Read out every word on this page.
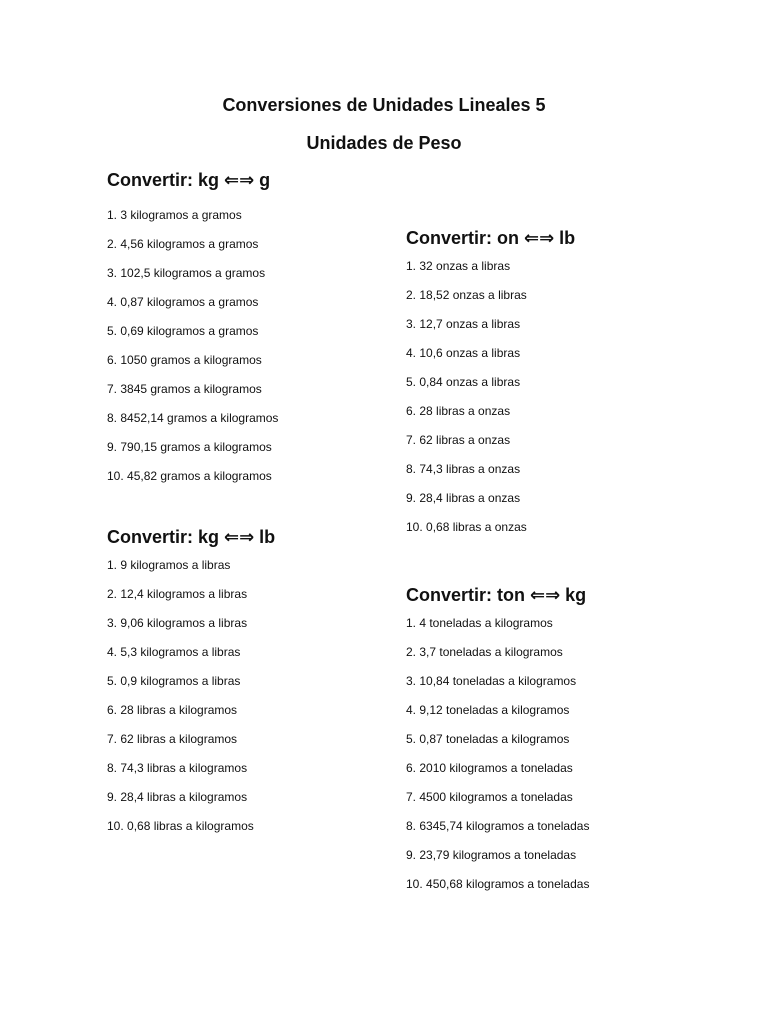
Conversiones de Unidades Lineales 5
Unidades de Peso
Convertir: kg ⇐⇒ g
1. 3 kilogramos a gramos
2. 4,56 kilogramos a gramos
3. 102,5 kilogramos a gramos
4. 0,87 kilogramos a gramos
5. 0,69 kilogramos a gramos
6. 1050 gramos a kilogramos
7. 3845 gramos a kilogramos
8. 8452,14 gramos a kilogramos
9. 790,15 gramos a kilogramos
10. 45,82 gramos a kilogramos
Convertir: kg ⇐⇒ lb
1. 9 kilogramos a libras
2. 12,4 kilogramos a libras
3. 9,06 kilogramos a libras
4. 5,3 kilogramos a libras
5. 0,9 kilogramos a libras
6. 28 libras a kilogramos
7. 62 libras a kilogramos
8. 74,3 libras a kilogramos
9. 28,4 libras a kilogramos
10. 0,68 libras a kilogramos
Convertir: on ⇐⇒ lb
1. 32 onzas a libras
2. 18,52 onzas a libras
3. 12,7 onzas a libras
4. 10,6 onzas a libras
5. 0,84 onzas a libras
6. 28 libras a onzas
7. 62 libras a onzas
8. 74,3 libras a onzas
9. 28,4 libras a onzas
10. 0,68 libras a onzas
Convertir: ton ⇐⇒ kg
1. 4 toneladas a kilogramos
2. 3,7 toneladas a kilogramos
3. 10,84 toneladas a kilogramos
4. 9,12 toneladas a kilogramos
5. 0,87 toneladas a kilogramos
6. 2010 kilogramos a toneladas
7. 4500 kilogramos a toneladas
8. 6345,74 kilogramos a toneladas
9. 23,79 kilogramos a toneladas
10. 450,68 kilogramos a toneladas
